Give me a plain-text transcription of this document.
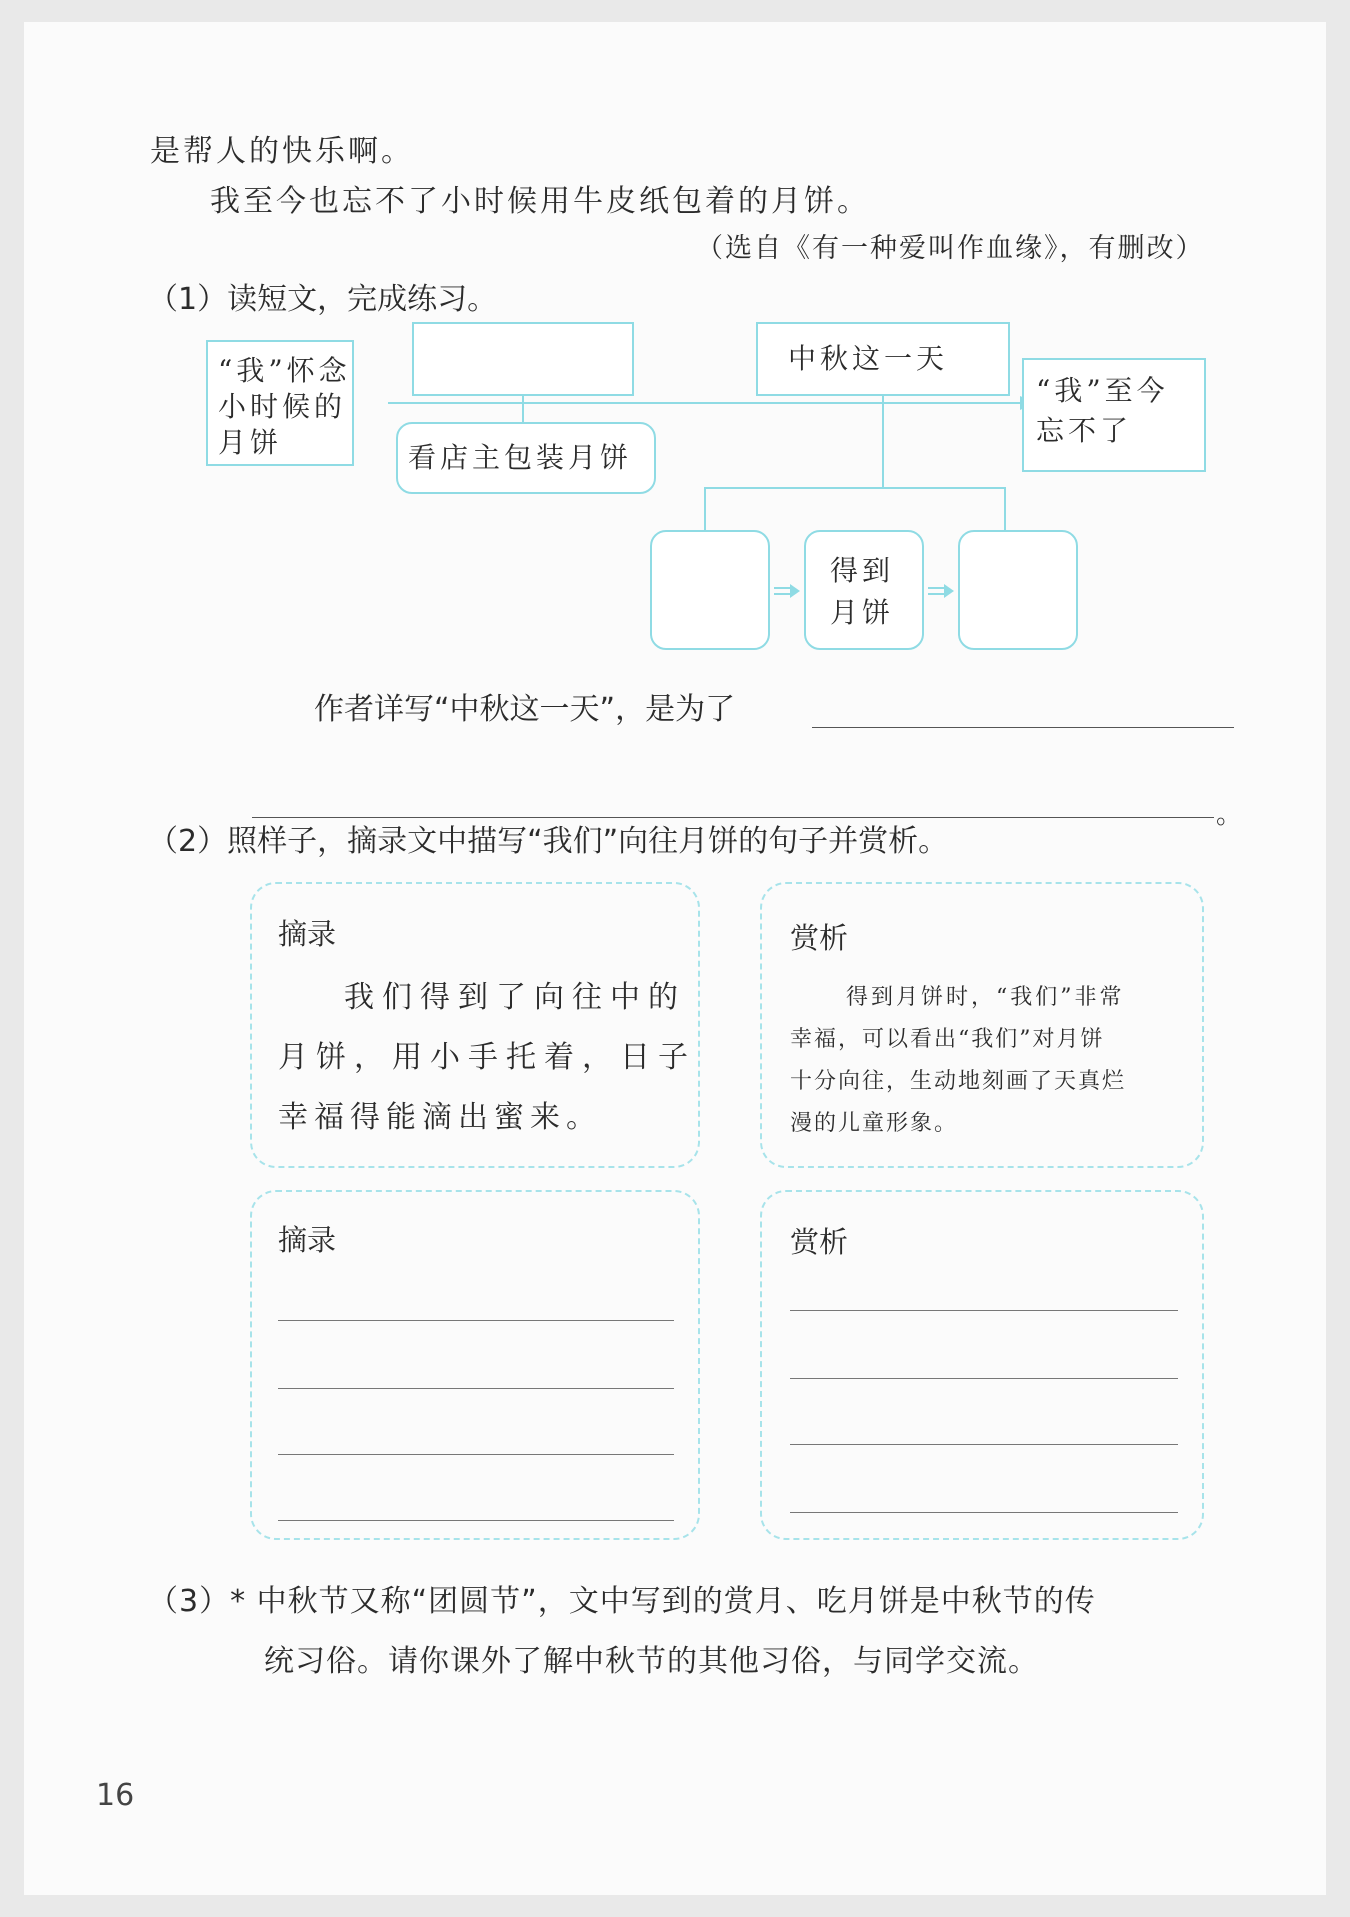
是帮人的快乐啊。
我至今也忘不了小时候用牛皮纸包着的月饼。
（选自《有一种爱叫作血缘》，有删改）
（1）读短文，完成练习。
“我”怀念
小时候的
月饼
中秋这一天
“我”至今
忘不了
看店主包装月饼
得到
月饼
作者详写“中秋这一天”，是为了
。
（2）照样子，摘录文中描写“我们”向往月饼的句子并赏析。
摘录
我们得到了向往中的
月饼，用小手托着，日子
幸福得能滴出蜜来。
赏析
得到月饼时，“我们”非常
幸福，可以看出“我们”对月饼
十分向往，生动地刻画了天真烂
漫的儿童形象。
摘录	赏析
（3）* 中秋节又称“团圆节”，文中写到的赏月、吃月饼是中秋节的传
统习俗。请你课外了解中秋节的其他习俗，与同学交流。
16
